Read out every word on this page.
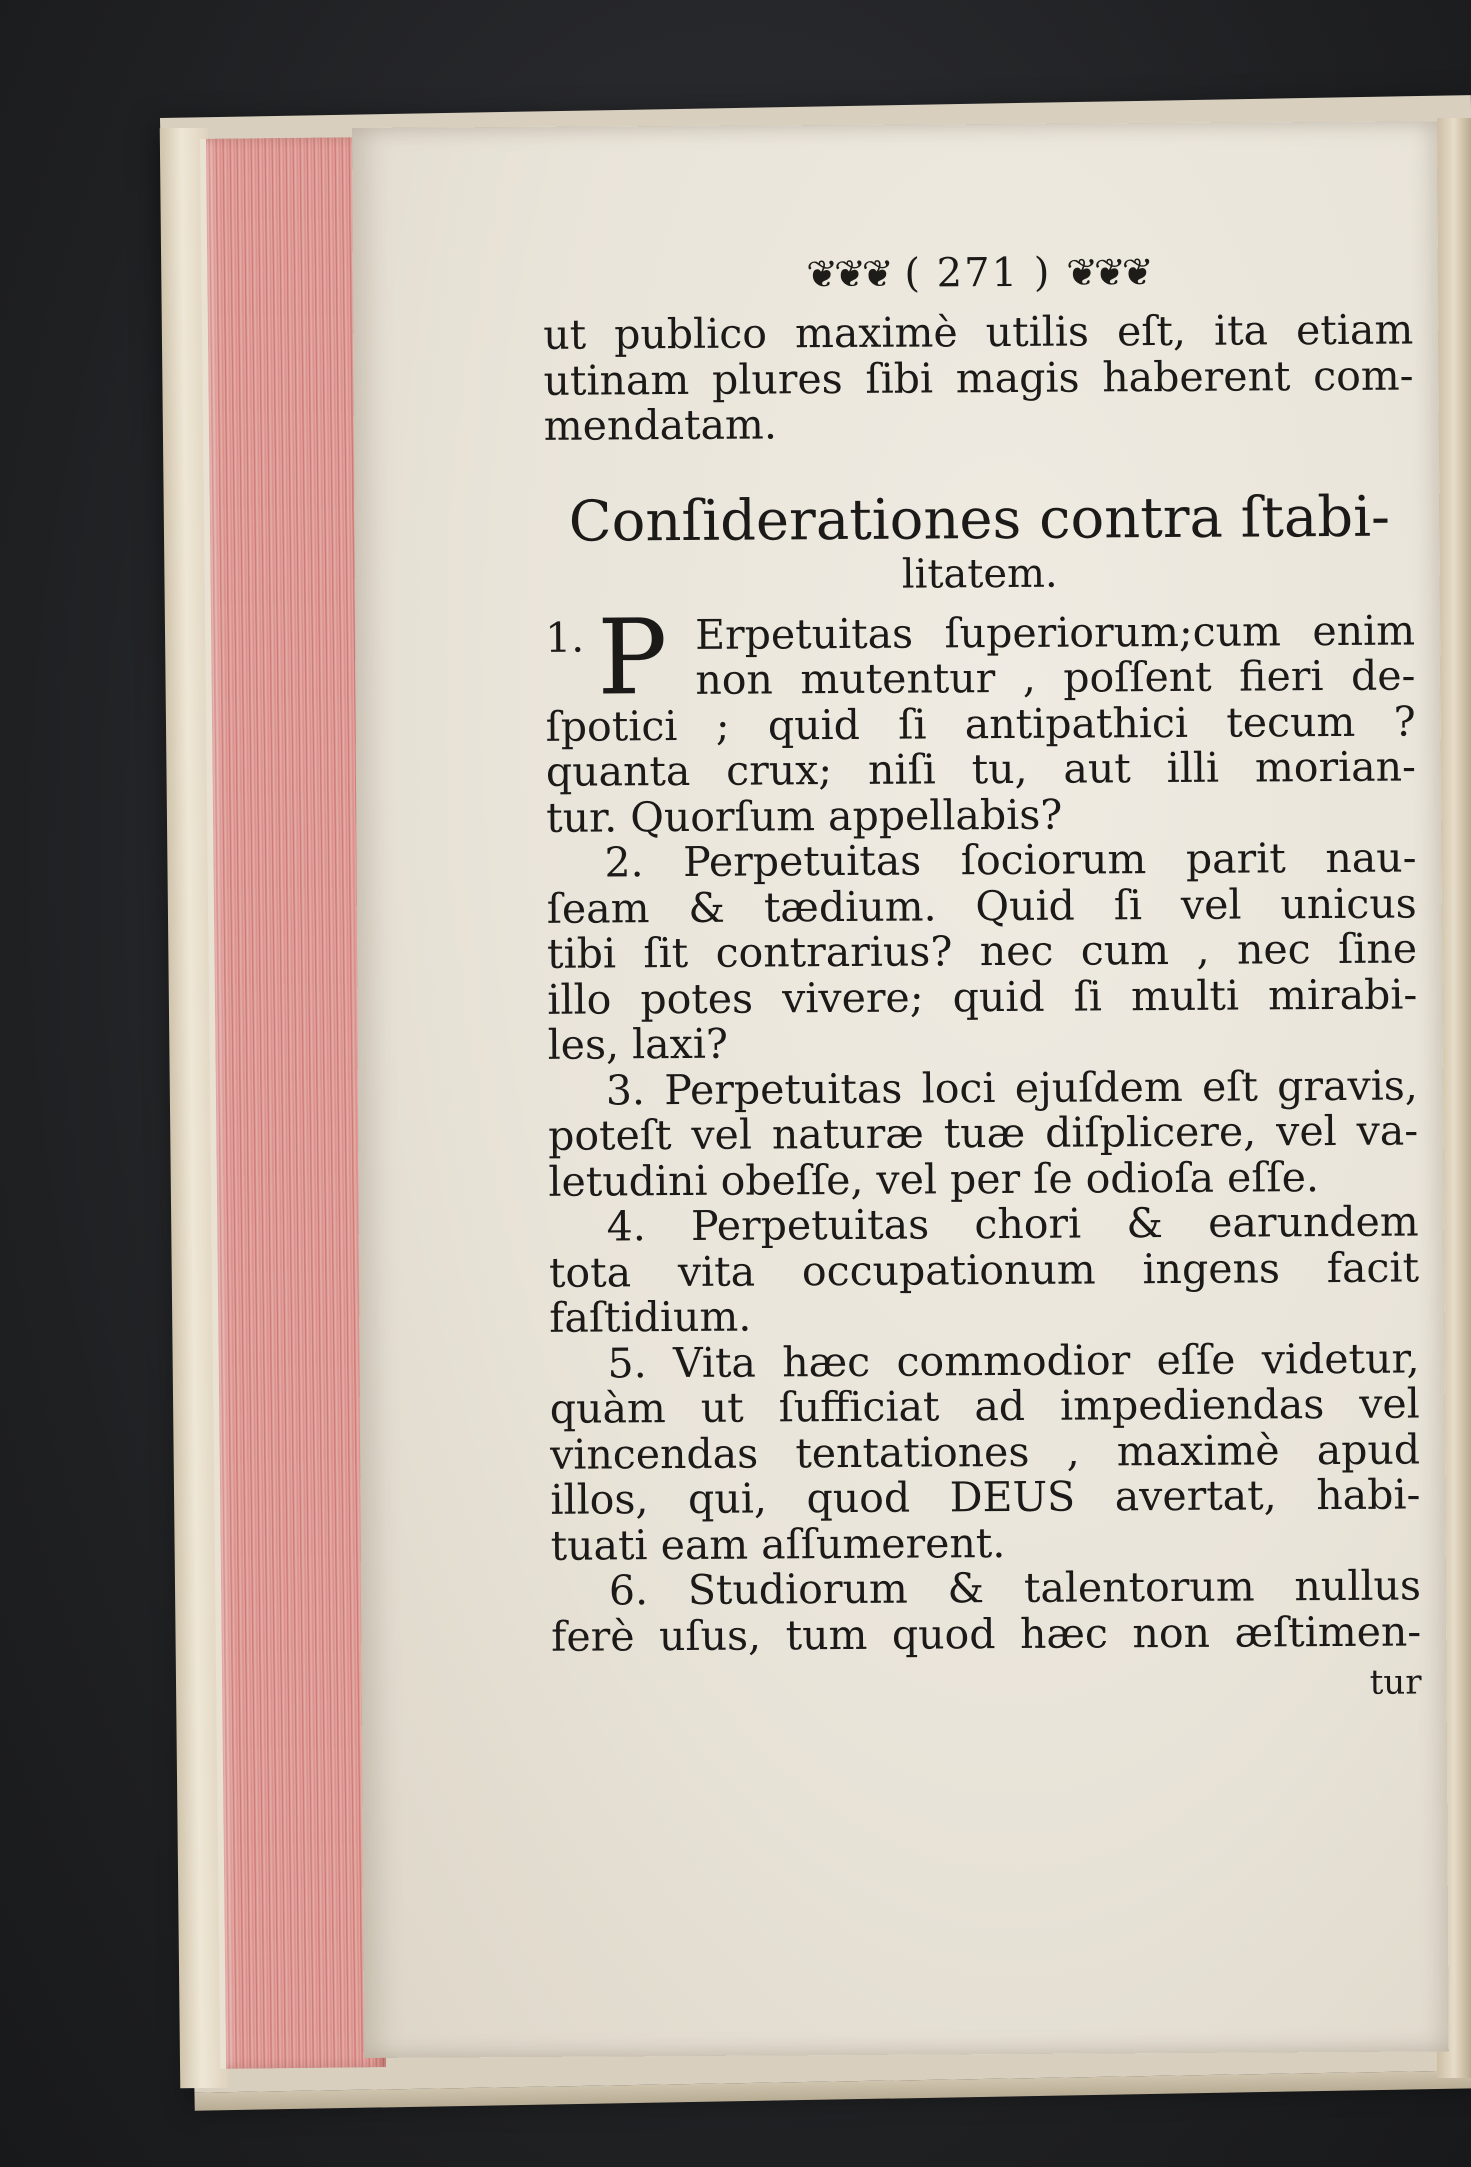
❦❦❦ ( 271 ) ❦❦❦
ut publico maximè utilis eſt, ita etiam
utinam plures ſibi magis haberent com-
mendatam.
Conſiderationes contra ſtabi-
litatem.
1. P Erpetuitas ſuperiorum;cum enim
non mutentur , poſſent fieri de-
ſpotici ; quid ſi antipathici tecum ?
quanta crux; niſi tu, aut illi morian-
tur. Quorſum appellabis?
2. Perpetuitas ſociorum parit nau-
ſeam & tædium. Quid ſi vel unicus
tibi ſit contrarius? nec cum , nec ſine
illo potes vivere; quid ſi multi mirabi-
les, laxi?
3. Perpetuitas loci ejuſdem eſt gravis,
poteſt vel naturæ tuæ diſplicere, vel va-
letudini obeſſe, vel per ſe odioſa eſſe.
4. Perpetuitas chori & earundem
tota vita occupationum ingens facit
faſtidium.
5. Vita hæc commodior eſſe videtur,
quàm ut ſufficiat ad impediendas vel
vincendas tentationes , maximè apud
illos, qui, quod DEUS avertat, habi-
tuati eam aſſumerent.
6. Studiorum & talentorum nullus
ferè uſus, tum quod hæc non æſtimen-
tur
